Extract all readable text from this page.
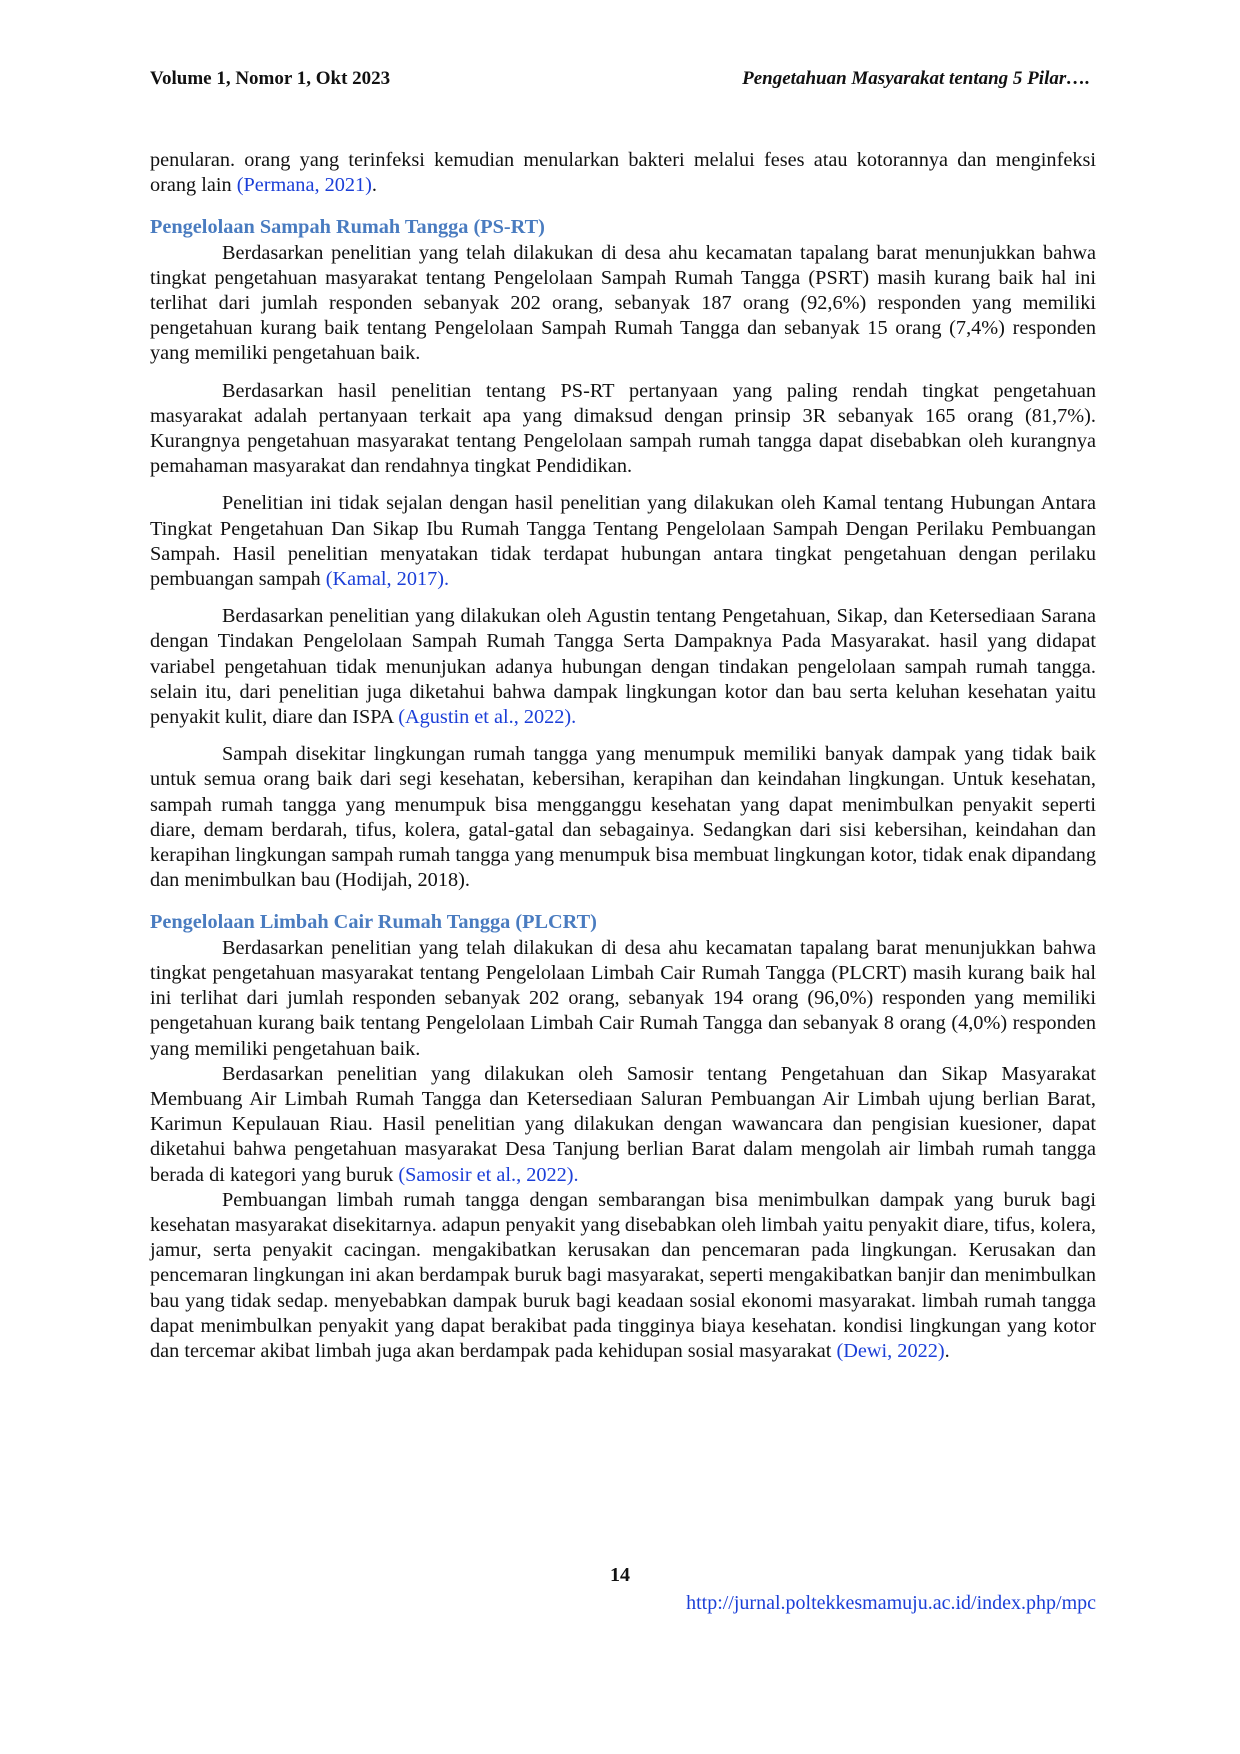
Volume 1, Nomor 1, Okt 2023	Pengetahuan Masyarakat tentang 5 Pilar….

penularan. orang yang terinfeksi kemudian menularkan bakteri melalui feses atau kotorannya dan menginfeksi orang lain (Permana, 2021).

Pengelolaan Sampah Rumah Tangga (PS-RT)

Berdasarkan penelitian yang telah dilakukan di desa ahu kecamatan tapalang barat menunjukkan bahwa tingkat pengetahuan masyarakat tentang Pengelolaan Sampah Rumah Tangga (PSRT) masih kurang baik hal ini terlihat dari jumlah responden sebanyak 202 orang, sebanyak 187 orang (92,6%) responden yang memiliki pengetahuan kurang baik tentang Pengelolaan Sampah Rumah Tangga dan sebanyak 15 orang (7,4%) responden yang memiliki pengetahuan baik.

Berdasarkan hasil penelitian tentang PS-RT pertanyaan yang paling rendah tingkat pengetahuan masyarakat adalah pertanyaan terkait apa yang dimaksud dengan prinsip 3R sebanyak 165 orang (81,7%). Kurangnya pengetahuan masyarakat tentang Pengelolaan sampah rumah tangga dapat disebabkan oleh kurangnya pemahaman masyarakat dan rendahnya tingkat Pendidikan.

Penelitian ini tidak sejalan dengan hasil penelitian yang dilakukan oleh Kamal tentang Hubungan Antara Tingkat Pengetahuan Dan Sikap Ibu Rumah Tangga Tentang Pengelolaan Sampah Dengan Perilaku Pembuangan Sampah. Hasil penelitian menyatakan tidak terdapat hubungan antara tingkat pengetahuan dengan perilaku pembuangan sampah (Kamal, 2017).

Berdasarkan penelitian yang dilakukan oleh Agustin tentang Pengetahuan, Sikap, dan Ketersediaan Sarana dengan Tindakan Pengelolaan Sampah Rumah Tangga Serta Dampaknya Pada Masyarakat. hasil yang didapat variabel pengetahuan tidak menunjukan adanya hubungan dengan tindakan pengelolaan sampah rumah tangga. selain itu, dari penelitian juga diketahui bahwa dampak lingkungan kotor dan bau serta keluhan kesehatan yaitu penyakit kulit, diare dan ISPA (Agustin et al., 2022).

Sampah disekitar lingkungan rumah tangga yang menumpuk memiliki banyak dampak yang tidak baik untuk semua orang baik dari segi kesehatan, kebersihan, kerapihan dan keindahan lingkungan. Untuk kesehatan, sampah rumah tangga yang menumpuk bisa mengganggu kesehatan yang dapat menimbulkan penyakit seperti diare, demam berdarah, tifus, kolera, gatal-gatal dan sebagainya. Sedangkan dari sisi kebersihan, keindahan dan kerapihan lingkungan sampah rumah tangga yang menumpuk bisa membuat lingkungan kotor, tidak enak dipandang dan menimbulkan bau (Hodijah, 2018).

Pengelolaan Limbah Cair Rumah Tangga (PLCRT)

Berdasarkan penelitian yang telah dilakukan di desa ahu kecamatan tapalang barat menunjukkan bahwa tingkat pengetahuan masyarakat tentang Pengelolaan Limbah Cair Rumah Tangga (PLCRT) masih kurang baik hal ini terlihat dari jumlah responden sebanyak 202 orang, sebanyak 194 orang (96,0%) responden yang memiliki pengetahuan kurang baik tentang Pengelolaan Limbah Cair Rumah Tangga dan sebanyak 8 orang (4,0%) responden yang memiliki pengetahuan baik.

Berdasarkan penelitian yang dilakukan oleh Samosir tentang Pengetahuan dan Sikap Masyarakat Membuang Air Limbah Rumah Tangga dan Ketersediaan Saluran Pembuangan Air Limbah ujung berlian Barat, Karimun Kepulauan Riau. Hasil penelitian yang dilakukan dengan wawancara dan pengisian kuesioner, dapat diketahui bahwa pengetahuan masyarakat Desa Tanjung berlian Barat dalam mengolah air limbah rumah tangga berada di kategori yang buruk (Samosir et al., 2022).

Pembuangan limbah rumah tangga dengan sembarangan bisa menimbulkan dampak yang buruk bagi kesehatan masyarakat disekitarnya. adapun penyakit yang disebabkan oleh limbah yaitu penyakit diare, tifus, kolera, jamur, serta penyakit cacingan. mengakibatkan kerusakan dan pencemaran pada lingkungan. Kerusakan dan pencemaran lingkungan ini akan berdampak buruk bagi masyarakat, seperti mengakibatkan banjir dan menimbulkan bau yang tidak sedap. menyebabkan dampak buruk bagi keadaan sosial ekonomi masyarakat. limbah rumah tangga dapat menimbulkan penyakit yang dapat berakibat pada tingginya biaya kesehatan. kondisi lingkungan yang kotor dan tercemar akibat limbah juga akan berdampak pada kehidupan sosial masyarakat (Dewi, 2022).

14
http://jurnal.poltekkesmamuju.ac.id/index.php/mpc
